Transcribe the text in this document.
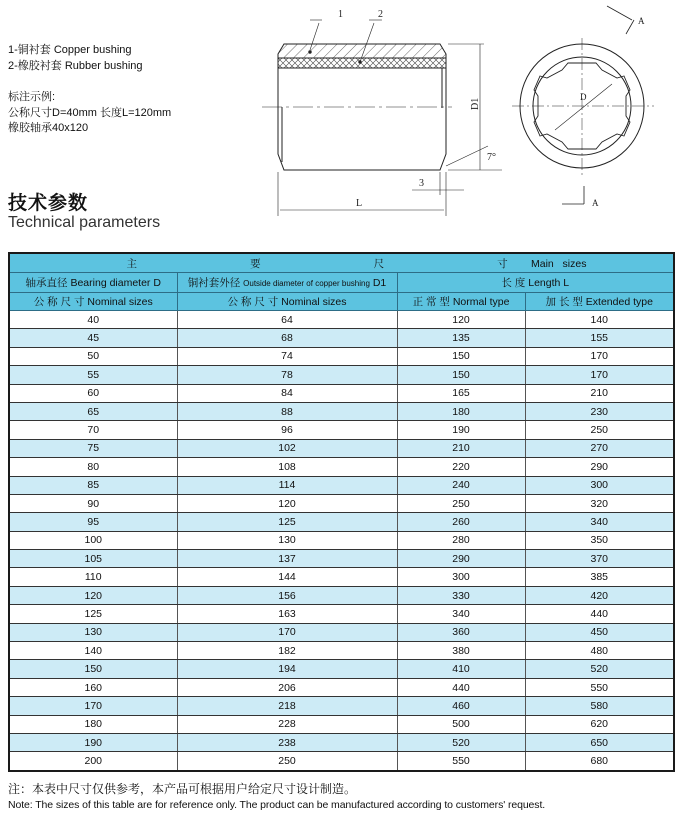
1-铜衬套 Copper bushing
2-橡胶衬套 Rubber bushing
标注示例:
公称尺寸D=40mm 长度L=120mm
橡胶轴承40x120
1	2
D1
L
3
7°
D
A
A
技术参数
Technical parameters
主 要 尺 寸 Main sizes			

轴承直径 Bearing diameter D	铜衬套外径 Outside diameter of copper bushing D1	长 度 Length L	
公 称 尺 寸 Nominal sizes	公 称 尺 寸 Nominal sizes	正 常 型 Normal type	加 长 型 Extended type
40	64	120	140
45	68	135	155
50	74	150	170
55	78	150	170
60	84	165	210
65	88	180	230
70	96	190	250
75	102	210	270
80	108	220	290
85	114	240	300
90	120	250	320
95	125	260	340
100	130	280	350
105	137	290	370
110	144	300	385
120	156	330	420
125	163	340	440
130	170	360	450
140	182	380	480
150	194	410	520
160	206	440	550
170	218	460	580
180	228	500	620
190	238	520	650
200	250	550	680
注：本表中尺寸仅供参考，本产品可根据用户给定尺寸设计制造。
Note: The sizes of this table are for reference only. The product can be manufactured according to customers' request.
